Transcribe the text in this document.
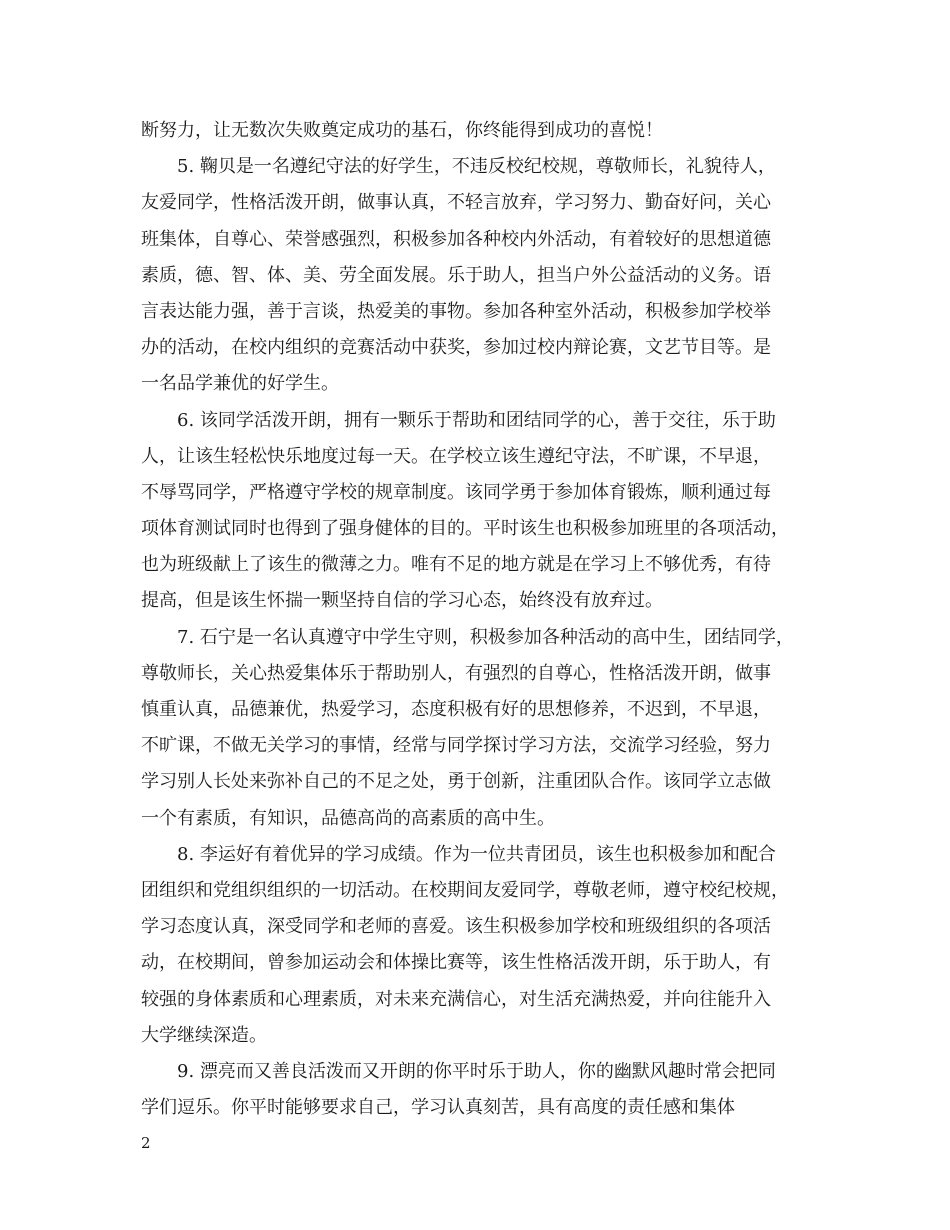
断努力，让无数次失败奠定成功的基石，你终能得到成功的喜悦！
5. 鞠贝是一名遵纪守法的好学生，不违反校纪校规，尊敬师长，礼貌待人，
友爱同学，性格活泼开朗，做事认真，不轻言放弃，学习努力、勤奋好问，关心
班集体，自尊心、荣誉感强烈，积极参加各种校内外活动，有着较好的思想道德
素质，德、智、体、美、劳全面发展。乐于助人，担当户外公益活动的义务。语
言表达能力强，善于言谈，热爱美的事物。参加各种室外活动，积极参加学校举
办的活动，在校内组织的竞赛活动中获奖，参加过校内辩论赛，文艺节目等。是
一名品学兼优的好学生。
6. 该同学活泼开朗，拥有一颗乐于帮助和团结同学的心，善于交往，乐于助
人，让该生轻松快乐地度过每一天。在学校立该生遵纪守法，不旷课，不早退，
不辱骂同学，严格遵守学校的规章制度。该同学勇于参加体育锻炼，顺利通过每
项体育测试同时也得到了强身健体的目的。平时该生也积极参加班里的各项活动，
也为班级献上了该生的微薄之力。唯有不足的地方就是在学习上不够优秀，有待
提高，但是该生怀揣一颗坚持自信的学习心态，始终没有放弃过。
7. 石宁是一名认真遵守中学生守则，积极参加各种活动的高中生，团结同学，
尊敬师长，关心热爱集体乐于帮助别人，有强烈的自尊心，性格活泼开朗，做事
慎重认真，品德兼优，热爱学习，态度积极有好的思想修养，不迟到，不早退，
不旷课，不做无关学习的事情，经常与同学探讨学习方法，交流学习经验，努力
学习别人长处来弥补自己的不足之处，勇于创新，注重团队合作。该同学立志做
一个有素质，有知识，品德高尚的高素质的高中生。
8. 李运好有着优异的学习成绩。作为一位共青团员，该生也积极参加和配合
团组织和党组织组织的一切活动。在校期间友爱同学，尊敬老师，遵守校纪校规，
学习态度认真，深受同学和老师的喜爱。该生积极参加学校和班级组织的各项活
动，在校期间，曾参加运动会和体操比赛等，该生性格活泼开朗，乐于助人，有
较强的身体素质和心理素质，对未来充满信心，对生活充满热爱，并向往能升入
大学继续深造。
9. 漂亮而又善良活泼而又开朗的你平时乐于助人，你的幽默风趣时常会把同
学们逗乐。你平时能够要求自己，学习认真刻苦，具有高度的责任感和集体
2
